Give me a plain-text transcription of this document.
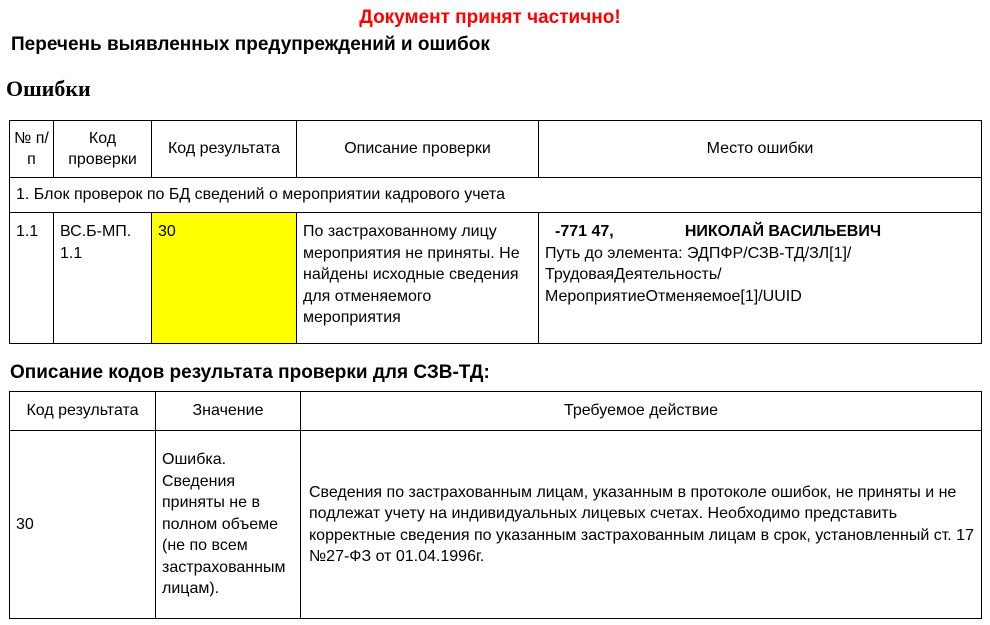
Документ принят частично!
Перечень выявленных предупреждений и ошибок
Ошибки
№ п/п	Код проверки	Код результата	Описание проверки	Место ошибки
1. Блок проверок по БД сведений о мероприятии кадрового учета				
1.1	ВС.Б-МП. 1.1	30	По застрахованному лицу мероприятия не приняты. Не найдены исходные сведения для отменяемого мероприятия	-771 47,                НИКОЛАЙ ВАСИЛЬЕВИЧ
Путь до элемента: ЭДПФР/СЗВ-ТД/ЗЛ[1]/ ТрудоваяДеятельность/ МероприятиеОтменяемое[1]/UUID
Описание кодов результата проверки для СЗВ-ТД:
Код результата	Значение	Требуемое действие
30	Ошибка. Сведения приняты не в полном объеме (не по всем застрахованным лицам).	Сведения по застрахованным лицам, указанным в протоколе ошибок, не приняты и не подлежат учету на индивидуальных лицевых счетах. Необходимо представить корректные сведения по указанным застрахованным лицам в срок, установленный ст. 17 №27-ФЗ от 01.04.1996г.
